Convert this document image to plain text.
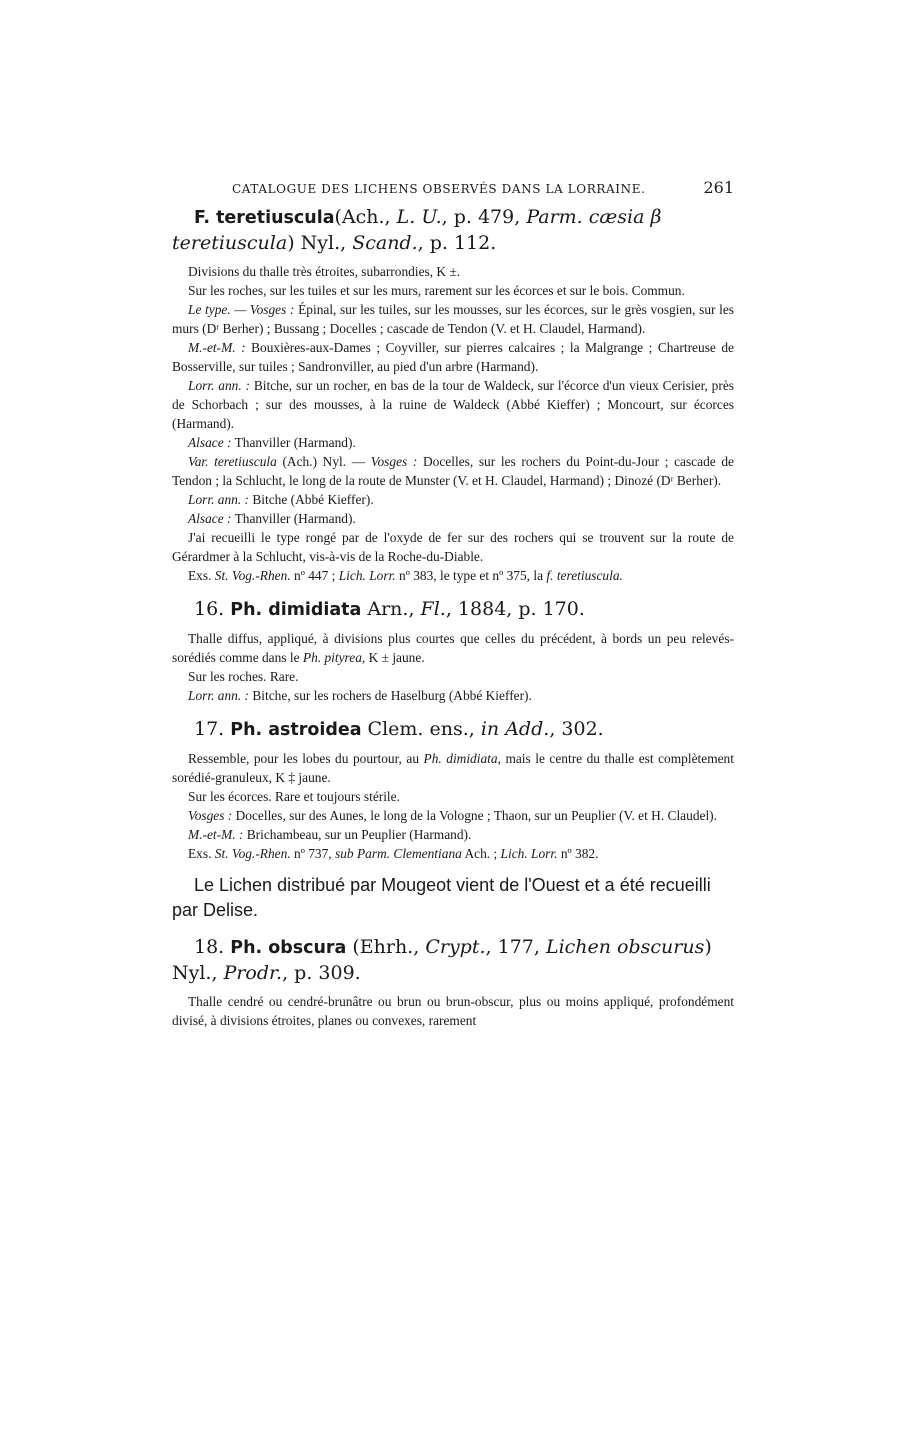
CATALOGUE DES LICHENS OBSERVÉS DANS LA LORRAINE.	261

F. teretiuscula(Ach., L. U., p. 479, Parm. cæsia β teretiuscula) Nyl., Scand., p. 112.

Divisions du thalle très étroites, subarrondies, K ±.

Sur les roches, sur les tuiles et sur les murs, rarement sur les écorces et sur le bois. Commun.

Le type. — Vosges : Épinal, sur les tuiles, sur les mousses, sur les écorces, sur le grès vosgien, sur les murs (Dʳ Berher) ; Bussang ; Docelles ; cascade de Tendon (V. et H. Claudel, Harmand).

M.-et-M. : Bouxières-aux-Dames ; Coyviller, sur pierres calcaires ; la Malgrange ; Chartreuse de Bosserville, sur tuiles ; Sandronviller, au pied d'un arbre (Harmand).

Lorr. ann. : Bitche, sur un rocher, en bas de la tour de Waldeck, sur l'écorce d'un vieux Cerisier, près de Schorbach ; sur des mousses, à la ruine de Waldeck (Abbé Kieffer) ; Moncourt, sur écorces (Harmand).

Alsace : Thanviller (Harmand).

Var. teretiuscula (Ach.) Nyl. — Vosges : Docelles, sur les rochers du Point-du-Jour ; cascade de Tendon ; la Schlucht, le long de la route de Munster (V. et H. Claudel, Harmand) ; Dinozé (Dʳ Berher).

Lorr. ann. : Bitche (Abbé Kieffer).

Alsace : Thanviller (Harmand).

J'ai recueilli le type rongé par de l'oxyde de fer sur des rochers qui se trouvent sur la route de Gérardmer à la Schlucht, vis-à-vis de la Roche-du-Diable.

Exs. St. Vog.-Rhen. nº 447 ; Lich. Lorr. nº 383, le type et nº 375, la f. teretiuscula.

16. Ph. dimidiata Arn., Fl., 1884, p. 170.

Thalle diffus, appliqué, à divisions plus courtes que celles du précédent, à bords un peu relevés-sorédiés comme dans le Ph. pityrea, K ± jaune.

Sur les roches. Rare.

Lorr. ann. : Bitche, sur les rochers de Haselburg (Abbé Kieffer).

17. Ph. astroidea Clem. ens., in Add., 302.

Ressemble, pour les lobes du pourtour, au Ph. dimidiata, mais le centre du thalle est complètement sorédié-granuleux, K ‡ jaune.

Sur les écorces. Rare et toujours stérile.

Vosges : Docelles, sur des Aunes, le long de la Vologne ; Thaon, sur un Peuplier (V. et H. Claudel).

M.-et-M. : Brichambeau, sur un Peuplier (Harmand).

Exs. St. Vog.-Rhen. nº 737, sub Parm. Clementiana Ach. ; Lich. Lorr. nº 382.

Le Lichen distribué par Mougeot vient de l'Ouest et a été recueilli par Delise.

18. Ph. obscura (Ehrh., Crypt., 177, Lichen obscurus) Nyl., Prodr., p. 309.

Thalle cendré ou cendré-brunâtre ou brun ou brun-obscur, plus ou moins appliqué, profondément divisé, à divisions étroites, planes ou convexes, rarement
